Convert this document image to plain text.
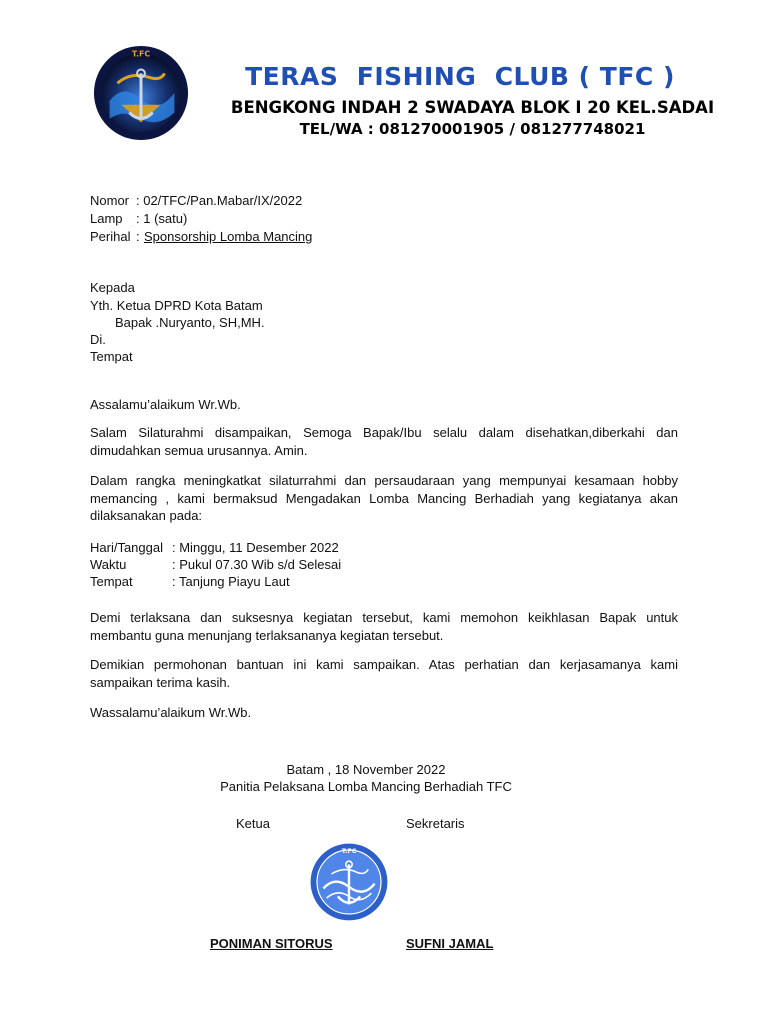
T.FC
TERAS  FISHING  CLUB ( TFC )
BENGKONG INDAH 2 SWADAYA BLOK I 20 KEL.SADAI
TEL/WA : 081270001905 / 081277748021
Nomor : 02/TFC/Pan.Mabar/IX/2022
Lamp : 1 (satu)
Perihal : Sponsorship Lomba Mancing
Kepada
Yth. Ketua DPRD Kota Batam
Bapak .Nuryanto, SH,MH.
Di.
Tempat
Assalamu’alaikum Wr.Wb.
Salam Silaturahmi disampaikan, Semoga Bapak/Ibu selalu dalam disehatkan,diberkahi dan dimudahkan semua urusannya. Amin.
Dalam rangka meningkatkat silaturrahmi dan persaudaraan yang mempunyai kesamaan hobby memancing , kami bermaksud Mengadakan Lomba Mancing Berhadiah yang kegiatanya akan dilaksanakan pada:
Hari/Tanggal : Minggu, 11 Desember 2022
Waktu	: Pukul 07.30 Wib s/d Selesai
Tempat	: Tanjung Piayu Laut
Demi terlaksana dan suksesnya kegiatan tersebut, kami memohon keikhlasan Bapak untuk membantu guna menunjang terlaksananya kegiatan tersebut.
Demikian permohonan bantuan ini kami sampaikan. Atas perhatian dan kerjasamanya kami sampaikan terima kasih.
Wassalamu’alaikum Wr.Wb.
Batam , 18 November 2022
Panitia Pelaksana Lomba Mancing Berhadiah TFC
Ketua	Sekretaris
T.FC
PONIMAN SITORUS	SUFNI JAMAL
